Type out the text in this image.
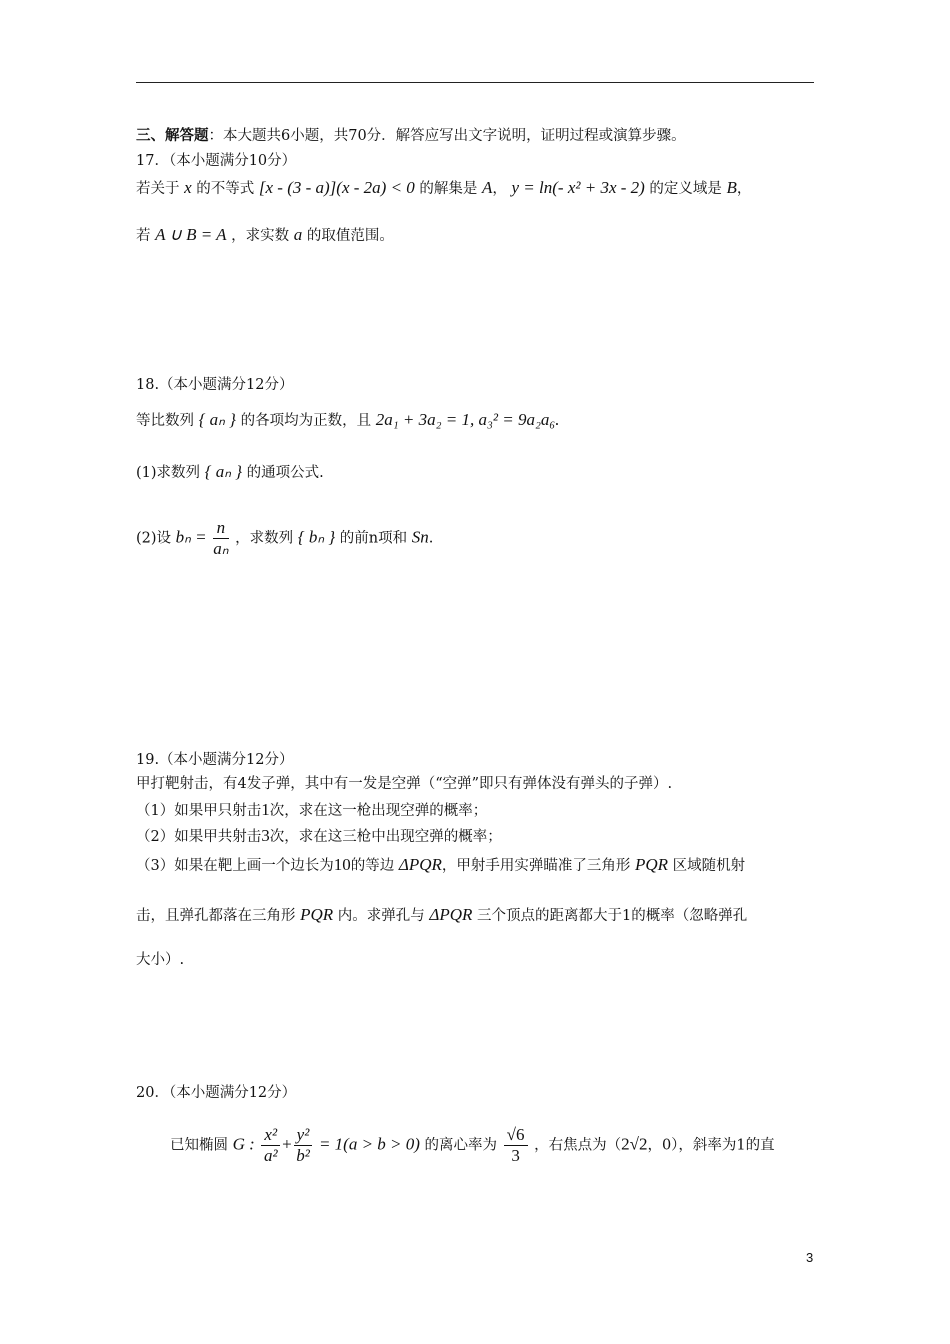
三、解答题：本大题共6小题，共70分．解答应写出文字说明，证明过程或演算步骤。
17．（本小题满分10分）
若关于 x 的不等式 [x - (3 - a)](x - 2a) < 0 的解集是 A， y = ln(- x² + 3x - 2) 的定义域是 B，
若 A ∪ B = A ，求实数 a 的取值范围。
18.（本小题满分12分）
等比数列 { aₙ } 的各项均为正数，且 2a₁ + 3a₂ = 1, a₃² = 9a₂a₆.
(1)求数列 { aₙ } 的通项公式.
(2)设 $b_n = \frac{n}{\text{aₙ}}$ ，求数列 { bₙ } 的前n项和 Sn.
19.（本小题满分12分）
甲打靶射击，有4发子弹，其中有一发是空弹（“空弹”即只有弹体没有弹头的子弹）.
（1）如果甲只射击1次，求在这一枪出现空弹的概率；
（2）如果甲共射击3次，求在这三枪中出现空弹的概率；
（3）如果在靶上画一个边长为10的等边 ΔPQR，甲射手用实弹瞄准了三角形 PQR 区域随机射
击，且弹孔都落在三角形 PQR 内。求弹孔与 ΔPQR 三个顶点的距离都大于1的概率（忽略弹孔
大小）.
20．（本小题满分12分）
已知椭圆 G : $\frac{\text{x²}}{\text{a²}} + \frac{\text{y²}}{\text{b²}} = 1(a > b > 0)$ 的离心率为 $\frac{√6}{3}$ ，右焦点为（2√2，0），斜率为1的直
3
